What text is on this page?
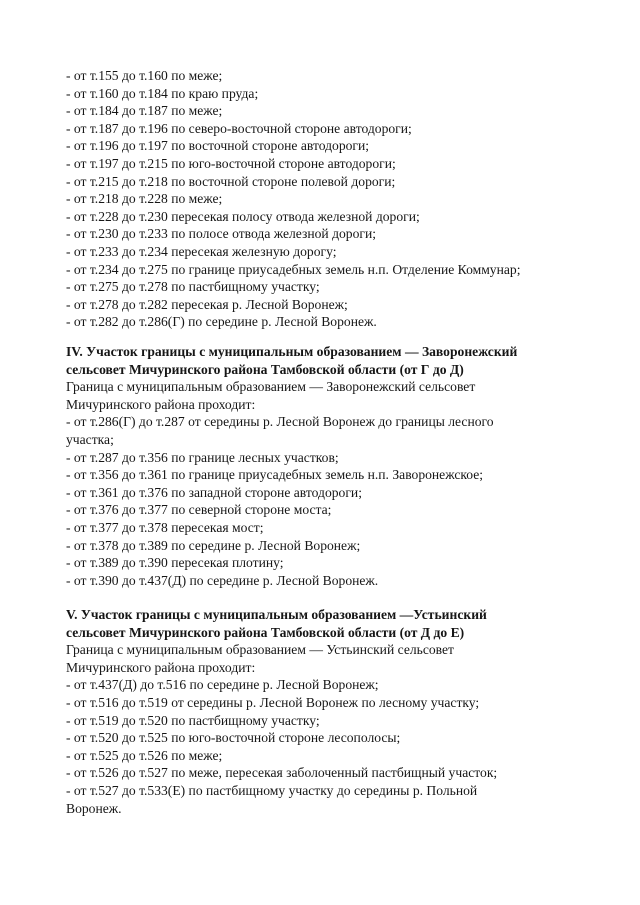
- от т.155 до т.160 по меже;
- от т.160 до т.184 по краю пруда;
- от т.184 до т.187 по меже;
- от т.187 до т.196 по северо-восточной стороне автодороги;
- от т.196 до т.197 по восточной стороне автодороги;
- от т.197 до т.215 по юго-восточной стороне автодороги;
- от т.215 до т.218 по восточной стороне полевой дороги;
- от т.218 до т.228 по меже;
- от т.228 до т.230 пересекая полосу отвода железной дороги;
- от т.230 до т.233 по полосе отвода железной дороги;
- от т.233 до т.234 пересекая железную дорогу;
- от т.234 до т.275 по границе приусадебных земель н.п. Отделение Коммунар;
- от т.275 до т.278 по пастбищному участку;
- от т.278 до т.282 пересекая р. Лесной Воронеж;
- от т.282 до т.286(Г) по середине р. Лесной Воронеж.
IV. Участок границы с муниципальным образованием — Заворонежский
сельсовет Мичуринского района Тамбовской области (от Г до Д)
Граница с муниципальным образованием — Заворонежский сельсовет
Мичуринского района проходит:
- от т.286(Г) до т.287 от середины р. Лесной Воронеж до границы лесного
участка;
- от т.287 до т.356 по границе лесных участков;
- от т.356 до т.361 по границе приусадебных земель н.п. Заворонежское;
- от т.361 до т.376 по западной стороне автодороги;
- от т.376 до т.377 по северной стороне моста;
- от т.377 до т.378 пересекая мост;
- от т.378 до т.389 по середине р. Лесной Воронеж;
- от т.389 до т.390 пересекая плотину;
- от т.390 до т.437(Д) по середине р. Лесной Воронеж.
V. Участок границы с муниципальным образованием —Устьинский
сельсовет Мичуринского района Тамбовской области (от Д до Е)
Граница с муниципальным образованием — Устьинский сельсовет
Мичуринского района проходит:
- от т.437(Д) до т.516 по середине р. Лесной Воронеж;
- от т.516 до т.519 от середины р. Лесной Воронеж по лесному участку;
- от т.519 до т.520 по пастбищному участку;
- от т.520 до т.525 по юго-восточной стороне лесополосы;
- от т.525 до т.526 по меже;
- от т.526 до т.527 по меже, пересекая заболоченный пастбищный участок;
- от т.527 до т.533(Е) по пастбищному участку до середины р. Польной
Воронеж.
